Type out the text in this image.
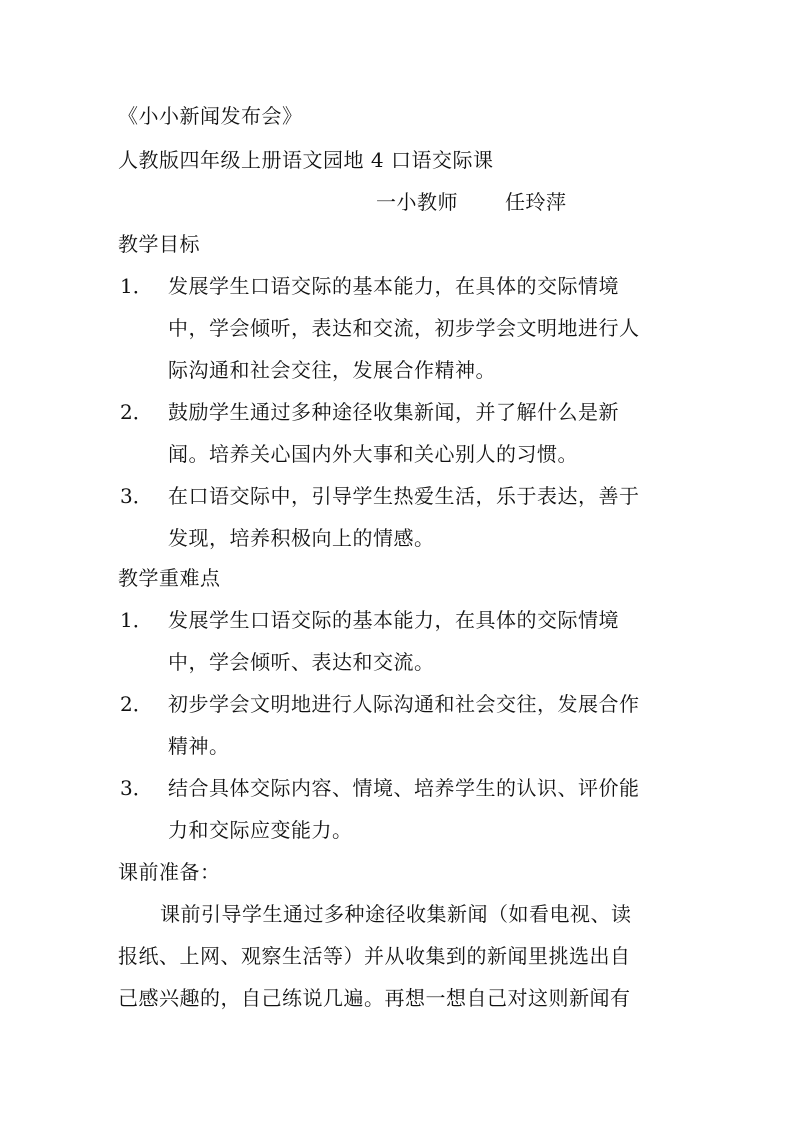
《小小新闻发布会》
人教版四年级上册语文园地 4 口语交际课
一小教师 任玲萍
教学目标
1． 发展学生口语交际的基本能力，在具体的交际情境
中，学会倾听，表达和交流，初步学会文明地进行人
际沟通和社会交往，发展合作精神。
2． 鼓励学生通过多种途径收集新闻，并了解什么是新
闻。培养关心国内外大事和关心别人的习惯。
3． 在口语交际中，引导学生热爱生活，乐于表达，善于
发现，培养积极向上的情感。
教学重难点
1． 发展学生口语交际的基本能力，在具体的交际情境
中，学会倾听、表达和交流。
2． 初步学会文明地进行人际沟通和社会交往，发展合作
精神。
3． 结合具体交际内容、情境、培养学生的认识、评价能
力和交际应变能力。
课前准备：
课前引导学生通过多种途径收集新闻（如看电视、读
报纸、上网、观察生活等）并从收集到的新闻里挑选出自
己感兴趣的，自己练说几遍。再想一想自己对这则新闻有
